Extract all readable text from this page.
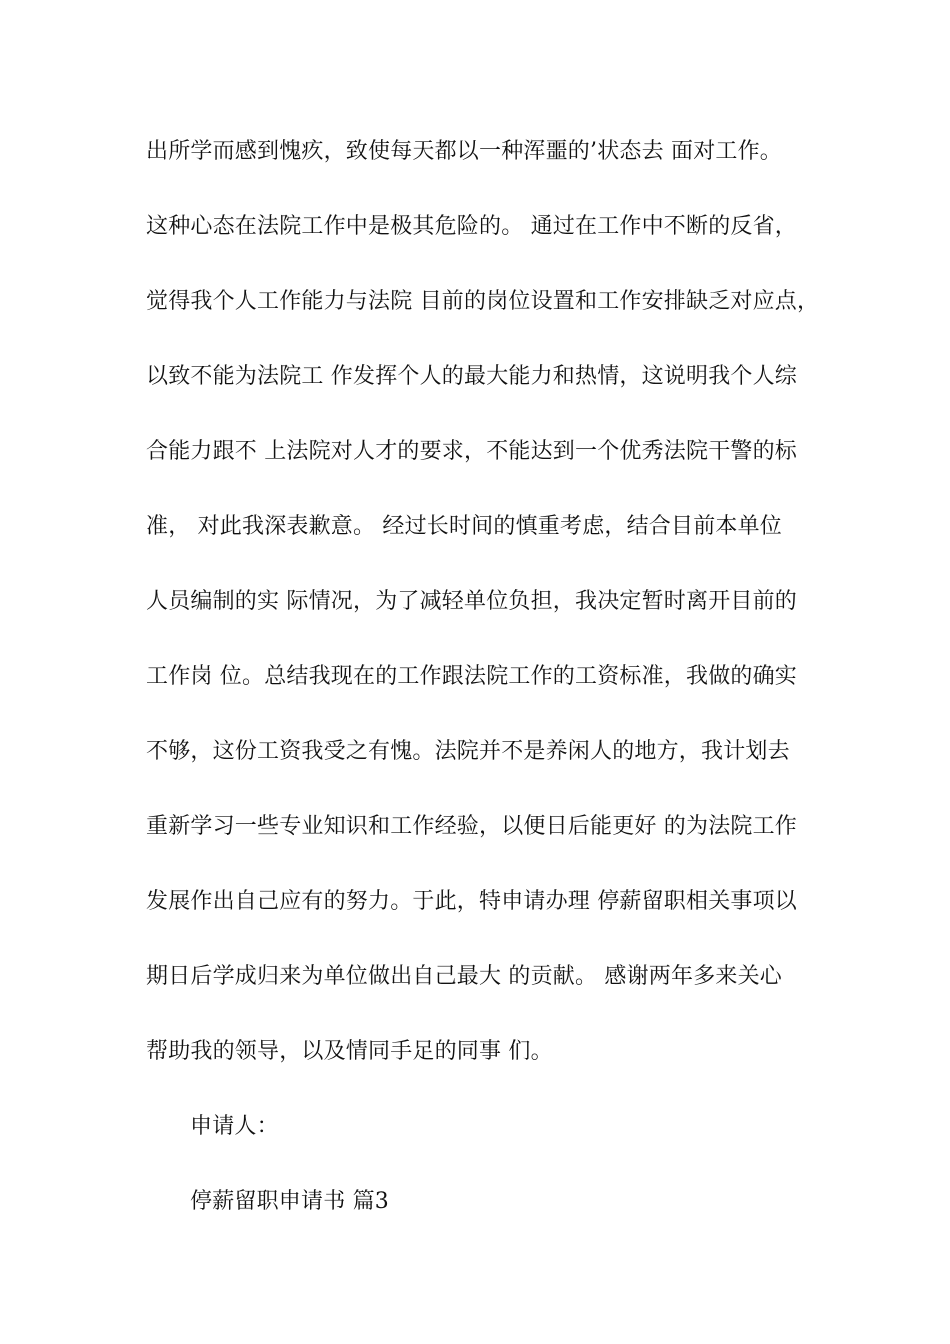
出所学而感到愧疚，致使每天都以一种浑噩的’状态去 面对工作。
这种心态在法院工作中是极其危险的。 通过在工作中不断的反省，
觉得我个人工作能力与法院 目前的岗位设置和工作安排缺乏对应点，
以致不能为法院工 作发挥个人的最大能力和热情，这说明我个人综
合能力跟不 上法院对人才的要求，不能达到一个优秀法院干警的标
准， 对此我深表歉意。 经过长时间的慎重考虑，结合目前本单位
人员编制的实 际情况，为了减轻单位负担，我决定暂时离开目前的
工作岗 位。总结我现在的工作跟法院工作的工资标准，我做的确实
不够，这份工资我受之有愧。法院并不是养闲人的地方，我计划去
重新学习一些专业知识和工作经验，以便日后能更好 的为法院工作
发展作出自己应有的努力。于此，特申请办理 停薪留职相关事项以
期日后学成归来为单位做出自己最大 的贡献。 感谢两年多来关心
帮助我的领导，以及情同手足的同事 们。
申请人：
停薪留职申请书 篇3
